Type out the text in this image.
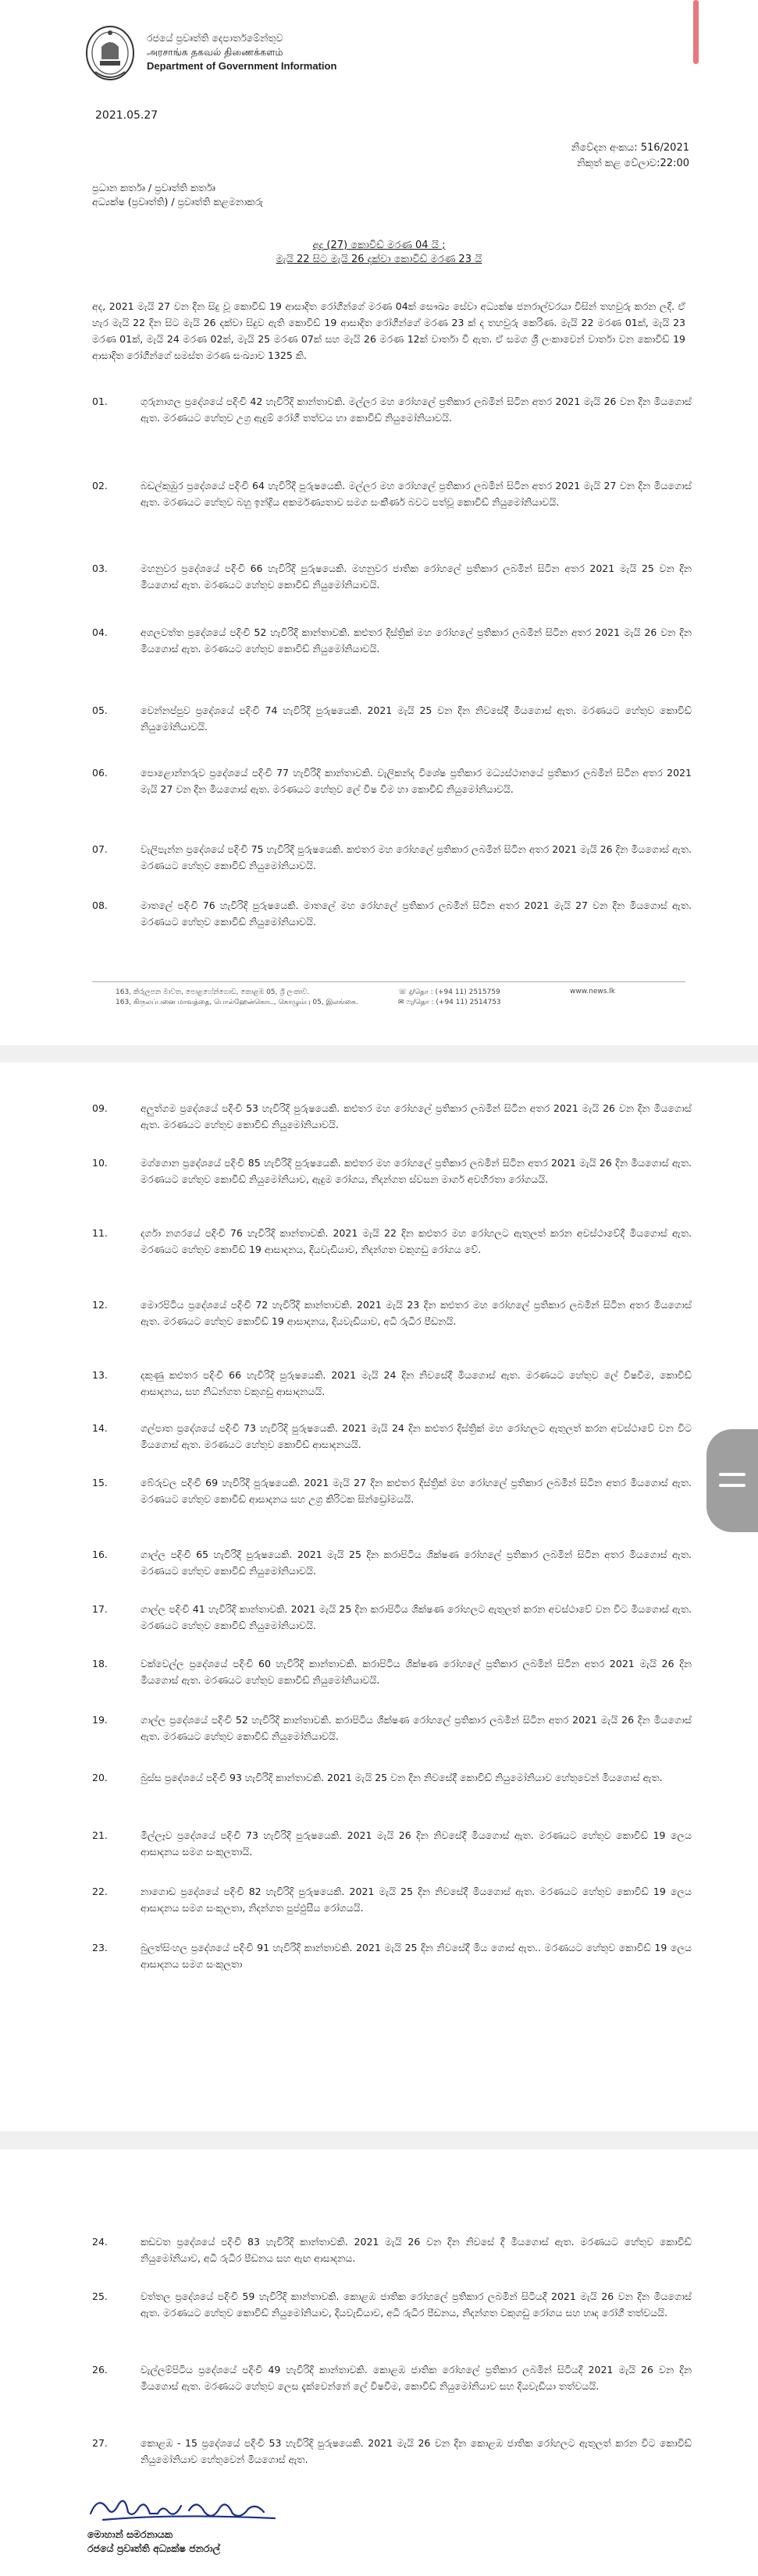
රජයේ ප්‍රවෘත්ති දෙපාර්තමේන්තුව
அரசாங்க தகவல் திணைக்களம்
Department of Government Information
2021.05.27
නිවේදන අංකය: 516/2021
නිකුත් කළ වේලාව:22:00
ප්‍රධාන කර්තෘ / ප්‍රවෘත්ති කර්තෘ
අධ්‍යක්ෂ (ප්‍රවෘත්ති) / ප්‍රවෘත්ති කළමනාකරු
අද (27) කොවිඩ් මරණ 04 යි ;
මැයි 22 සිට මැයි 26 දක්වා කොවිඩ් මරණ 23 යි
අද, 2021 මැයි 27 වන දින සිදු වූ කොවිඩ් 19 ආසාදිත රෝගීන්ගේ මරණ 04ක් සෞඛ්‍ය සේවා අධ්‍යක්ෂ ජනරාල්වරයා විසින් තහවුරු කරන ලදි. ඒ හැර මැයි 22 දින සිට මැයි 26 දක්වා සිදුව ඇති කොවිඩ් 19 ආසාදිත රෝගීන්ගේ මරණ 23 ක් ද තහවුරු කෙරිණ. මැයි 22 මරණ 01ක්, මැයි 23 මරණ 01ක්, මැයි 24 මරණ 02ක්, මැයි 25 මරණ 07ක් සහ මැයි 26 මරණ 12ක් වාර්තා වී ඇත. ඒ සමග ශ්‍රී ලංකාවෙන් වාර්තා වන කොවිඩ් 19 ආසාදිත රෝගීන්ගේ සමස්ත මරණ සංඛ්‍යාව 1325 කි.
01.	ගුරුනාගල ප්‍රදේශයේ පදිංචි 42 හැවිරිදි කාන්තාවකි. මල්ලර මහ රෝහලේ ප්‍රතිකාර ලබමින් සිටින අතර 2021 මැයි 26 වන දින මියගොස් ඇත. මරණයට හේතුව උග්‍ර ඇදුම් රෝගී තත්වය හා කොවිඩ් නියුමෝනියාවයි.
02.	බඩල්කුඹුර ප්‍රදේශයේ පදිංචි 64 හැවිරිදි පුරුෂයෙකි. මල්ලර මහ රෝහලේ ප්‍රතිකාර ලබමින් සිටින අතර 2021 මැයි 27 වන දින මියගොස් ඇත. මරණයට හේතුව බහු ඉන්ද්‍රිය අකර්මණ්‍යතාව සමග සංකීර්ණ බවට පත්වූ කොවිඩ් නියුමෝනියාවයි.
03.	මහනුවර ප්‍රදේශයේ පදිංචි 66 හැවිරිදි පුරුෂයෙකි. මහනුවර ජාතික රෝහලේ ප්‍රතිකාර ලබමින් සිටින අතර 2021 මැයි 25 වන දින මියගොස් ඇත. මරණයට හේතුව කොවිඩ් නියුමෝනියාවයි.
04.	අගලවත්ත ප්‍රදේශයේ පදිංචි 52 හැවිරිදි කාන්තාවකි. කළුතර දිස්ත්‍රික් මහ රෝහලේ ප්‍රතිකාර ලබමින් සිටින අතර 2021 මැයි 26 වන දින මියගොස් ඇත. මරණයට හේතුව කොවිඩ් නියුමෝනියාවයි.
05.	වෙන්නප්පුව ප්‍රදේශයේ පදිංචි 74 හැවිරිදි පුරුෂයෙකි. 2021 මැයි 25 වන දින නිවසේදී මියගොස් ඇත. මරණයට හේතුව කොවිඩ් නියුමෝනියාවයි.
06.	පොළොන්නරුව ප්‍රදේශයේ පදිංචි 77 හැවිරිදි කාන්තාවකි. වැලිකන්ද විශේෂ ප්‍රතිකාර මධ්‍යස්ථානයේ ප්‍රතිකාර ලබමින් සිටින අතර 2021 මැයි 27 වන දින මියගොස් ඇත. මරණයට හේතුව ලේ විෂ වීම හා කොවිඩ් නියුමෝනියාවයි.
07.	වැලිපැන්න ප්‍රදේශයේ පදිංචි 75 හැවිරිදි පුරුෂයෙකි. කළුතර මහ රෝහලේ ප්‍රතිකාර ලබමින් සිටින අතර 2021 මැයි 26 දින මියගොස් ඇත. මරණයට හේතුව කොවිඩ් නියුමෝනියාවයි.
08.	මාතලේ පදිංචි 76 හැවිරිදි පුරුෂයෙකි. මාතලේ මහ රෝහලේ ප්‍රතිකාර ලබමින් සිටින අතර 2021 මැයි 27 වන දින මියගොස් ඇත. මරණයට හේතුව කොවිඩ් නියුමෝනියාවයි.
163, කිරුලපන මාවත, පොළහේන්ගොඩ, කොළඹ 05, ශ්‍රී ලංකාව.
163, கிருலப்பனை மாவத்தை, பொல்ஹேன்கொட, கொழும்பு 05, இலங்கை.
☏ දු/தொ : (+94 11) 2515759
✉ ෆැ/தொ : (+94 11) 2514753
www.news.lk
09.	අලුත්ගම ප්‍රදේශයේ පදිංචි 53 හැවිරිදි පුරුෂයෙකි. කළුතර මහ රෝහලේ ප්‍රතිකාර ලබමින් සිටින අතර 2021 මැයි 26 වන දින මියගොස් ඇත. මරණයට හේතුව කොවිඩ් නියුමෝනියාවයි.
10.	මග්ගොන ප්‍රදේශයේ පදිංචි 85 හැවිරිදි පුරුෂයෙකි. කළුතර මහ රෝහලේ ප්‍රතිකාර ලබමින් සිටින අතර 2021 මැයි 26 දින මියගොස් ඇත. මරණයට හේතුව කොවිඩ් නියුමෝනියාව, ඇදුම රෝගය, නිදන්ගත ස්වසන මාර්ග අවහිරතා රෝගයයි.
11.	දර්ගා නගරයේ පදිංචි 76 හැවිරිදි කාන්තාවකි. 2021 මැයි 22 දින කළුතර මහ රෝහලට ඇතුලත් කරන අවස්ථාවේදී මියගොස් ඇත. මරණයට හේතුව කොවිඩ් 19 ආසාදනය, දියවැඩියාව, නිදන්ගත වකුගඩු රෝගය වේ.
12.	මොරපිටිය ප්‍රදේශයේ පදිංචි 72 හැවිරිදි කාන්තාවකි. 2021 මැයි 23 දින කළුතර මහ රෝහලේ ප්‍රතිකාර ලබමින් සිටින අතර මියගොස් ඇත. මරණයට හේතුව කොවිඩ් 19 ආසාදනය, දියවැඩියාව, අධි රුධිර පීඩනයි.
13.	දකුණු කළුතර පදිංචි 66 හැවිරිදි පුරුෂයෙකි. 2021 මැයි 24 දින නිවසේදී මියගොස් ඇත. මරණයට හේතුව ලේ විෂවීම, කොවිඩ් ආසාදනය, සහ නිධන්ගත වකුගඩු ආසාදනයයි.
14.	ගල්පාත ප්‍රදේශයේ පදිංචි 73 හැවිරිදි පුරුෂයෙකි. 2021 මැයි 24 දින කළුතර දිස්ත්‍රික් මහ රෝහලට ඇතුලත් කරන අවස්ථාවේ වන විට මියගොස් ඇත. මරණයට හේතුව කොවිඩ් ආසාදනයයි.
15.	බේරුවල පදිංචි 69 හැවිරිදි පුරුෂයෙකි. 2021 මැයි 27 දින කළුතර දිස්ත්‍රික් මහ රෝහලේ ප්‍රතිකාර ලබමින් සිටින අතර මියගොස් ඇත. මරණයට හේතුව කොවිඩ් ආසාදනය සහ උග්‍ර කිරිටක සින්ඩ්‍රෝමයයි.
16.	ගාල්ල පදිංචි 65 හැවිරිදි පුරුෂයෙකි. 2021 මැයි 25 දින කරාපිටිය ශික්ෂණ රෝහලේ ප්‍රතිකාර ලබමින් සිටින අතර මියගොස් ඇත. මරණයට හේතුව කොවිඩ් නියුමෝනියාවයි.
17.	ගාල්ල පදිංචි 41 හැවිරිදි කාන්තාවකි. 2021 මැයි 25 දින කරාපිටිය ශික්ෂණ රෝහලට ඇතුලත් කරන අවස්ථාවේ වන විට මියගොස් ඇත. මරණයට හේතුව කොවිඩ් නියුමෝනියාවයි.
18.	වක්වෙල්ල ප්‍රදේශයේ පදිංචි 60 හැවිරිදි කාන්තාවකි. කරාපිටිය ශික්ෂණ රෝහලේ ප්‍රතිකාර ලබමින් සිටින අතර 2021 මැයි 26 දින මියගොස් ඇත. මරණයට හේතුව කොවිඩ් නියුමෝනියාවයි.
19.	ගාල්ල ප්‍රදේශයේ පදිංචි 52 හැවිරිදි කාන්තාවකි. කරාපිටිය ශික්ෂණ රෝහලේ ප්‍රතිකාර ලබමින් සිටින අතර 2021 මැයි 26 දින මියගොස් ඇත. මරණයට හේතුව කොවිඩ් නියුමෝනියාවයි.
20.	බුස්ස ප්‍රදේශයේ පදිංචි 93 හැවිරිදි කාන්තාවකි. 2021 මැයි 25 වන දින නිවසේදී කොවිඩ් නියුමෝනියාව හේතුවෙන් මියගොස් ඇත.
21.	මිල්ලෑව ප්‍රදේශයේ පදිංචි 73 හැවිරිදි පුරුෂයෙකි. 2021 මැයි 26 දින නිවසේදී මියගොස් ඇත. මරණයට හේතුව කොවිඩ් 19 ලෙය ආසාදනය සමග සංකූලතායි.
22.	නාගොඩ ප්‍රදේශයේ පදිංචි 82 හැවිරිදි පුරුෂයෙකි. 2021 මැයි 25 දින නිවසේදී මියගොස් ඇත. මරණයට හේතුව කොවිඩ් 19 ලෙය ආසාදනය සමග සංකූලතා, නිදන්ගත පුප්ඵුසීය රෝගයයි.
23.	බුලත්සිංහල ප්‍රදේශයේ පදිංචි 91 හැවිරිදි කාන්තාවකි. 2021 මැයි 25 දින නිවසේදී මිය ගොස් ඇත.. මරණයට හේතුව කොවිඩ් 19 ලෙය ආසාදනය සමග සංකූලතා
24.	කඩවත ප්‍රදේශයේ පදිංචි 83 හැවිරිදි කාන්තාවකි. 2021 මැයි 26 වන දින නිවසේ දී මියගොස් ඇත. මරණයට හේතුව කොවිඩ් නියුමෝනියාව, අධි රුධිර පීඩනය සහ ඇඟ ආසාදනය.
25.	වත්තල ප්‍රදේශයේ පදිංචි 59 හැවිරිදි කාන්තාවකි. කොළඹ ජාතික රෝහලේ ප්‍රතිකාර ලබමින් සිටියදී 2021 මැයි 26 වන දින මියගොස් ඇත. මරණයට හේතුව කොවිඩ් නියුමෝනියාව, දියවැඩියාව, අධි රුධිර පීඩනය, නිදන්ගත වකුගඩු රෝගය සහ හෘද රෝගී තත්වයයි.
26.	වැල්ලම්පිටිය ප්‍රදේශයේ පදිංචි 49 හැවිරිදි කාන්තාවකි. කොළඹ ජාතික රෝහලේ ප්‍රතිකාර ලබමින් සිටියදී 2021 මැයි 26 වන දින මියගොස් ඇත. මරණයට හේතුව ලෙස දැක්වෙන්නේ ලේ විෂවීම, කොවිඩ් නියුමෝනියාව සහ දියවැඩියා තත්වයයි.
27.	කොළඹ - 15 ප්‍රදේශයේ පදිංචි 53 හැවිරිදි පුරුෂයෙකි. 2021 මැයි 26 වන දින කොළඹ ජාතික රෝහලට ඇතුලත් කරන විට කොවිඩ් නියුමෝනියාව හේතුවෙන් මියගොස් ඇත.
මොහාන් සමරනායක
රජයේ ප්‍රවෘත්ති අධ්‍යක්ෂ ජනරාල්
